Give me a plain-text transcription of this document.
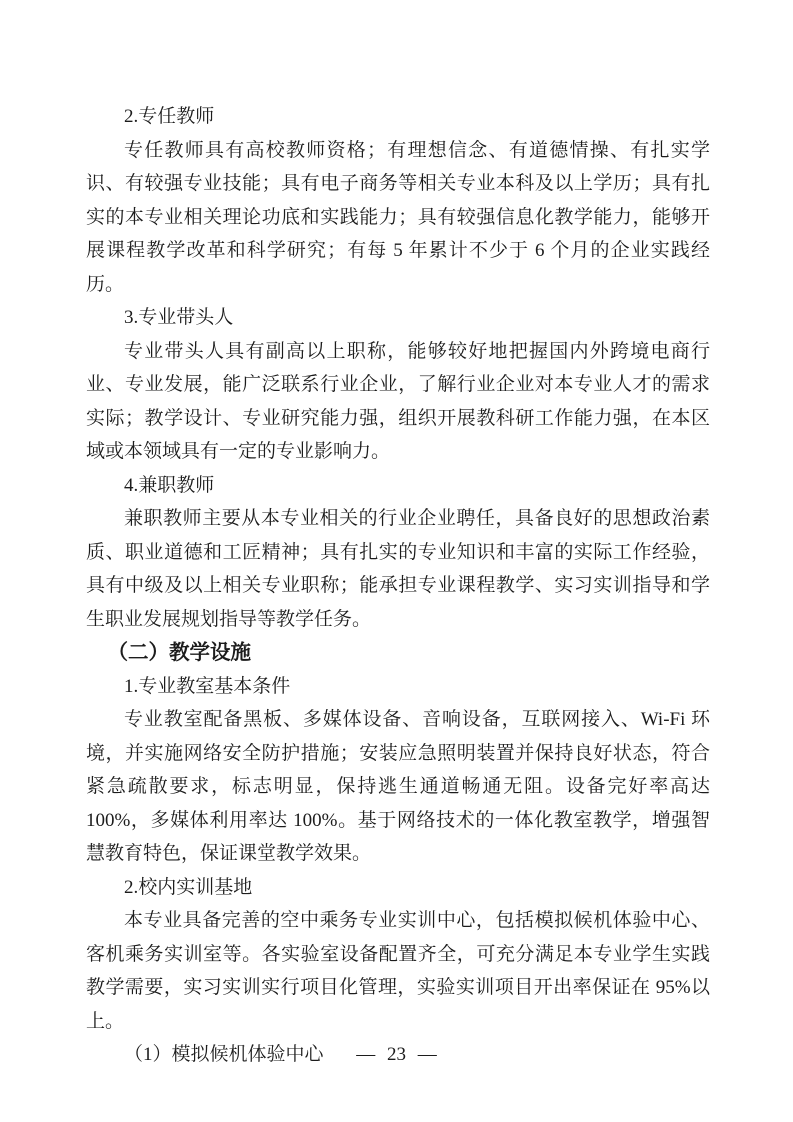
2.专任教师

专任教师具有高校教师资格；有理想信念、有道德情操、有扎实学识、有较强专业技能；具有电子商务等相关专业本科及以上学历；具有扎实的本专业相关理论功底和实践能力；具有较强信息化教学能力，能够开展课程教学改革和科学研究；有每 5 年累计不少于 6 个月的企业实践经历。

3.专业带头人

专业带头人具有副高以上职称，能够较好地把握国内外跨境电商行业、专业发展，能广泛联系行业企业，了解行业企业对本专业人才的需求实际；教学设计、专业研究能力强，组织开展教科研工作能力强，在本区域或本领域具有一定的专业影响力。

4.兼职教师

兼职教师主要从本专业相关的行业企业聘任，具备良好的思想政治素质、职业道德和工匠精神；具有扎实的专业知识和丰富的实际工作经验，具有中级及以上相关专业职称；能承担专业课程教学、实习实训指导和学生职业发展规划指导等教学任务。

（二）教学设施

1.专业教室基本条件

专业教室配备黑板、多媒体设备、音响设备，互联网接入、Wi-Fi 环境，并实施网络安全防护措施；安装应急照明装置并保持良好状态，符合紧急疏散要求，标志明显，保持逃生通道畅通无阻。设备完好率高达 100%，多媒体利用率达 100%。基于网络技术的一体化教室教学，增强智慧教育特色，保证课堂教学效果。

2.校内实训基地

本专业具备完善的空中乘务专业实训中心，包括模拟候机体验中心、客机乘务实训室等。各实验室设备配置齐全，可充分满足本专业学生实践教学需要，实习实训实行项目化管理，实验实训项目开出率保证在 95%以上。

（1）模拟候机体验中心	— 23 —
